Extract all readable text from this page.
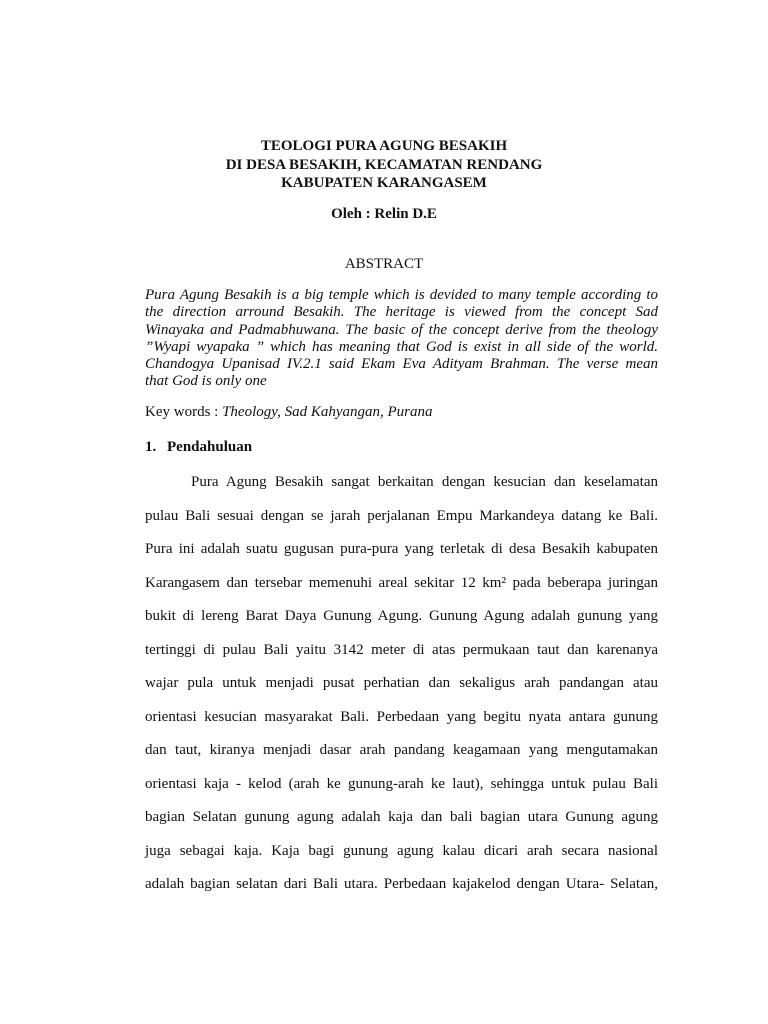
TEOLOGI PURA AGUNG BESAKIH
DI DESA BESAKIH, KECAMATAN RENDANG
KABUPATEN KARANGASEM
Oleh : Relin D.E
ABSTRACT
Pura Agung Besakih is a big temple which is devided to many temple according to
the direction arround Besakih. The heritage is viewed from the concept Sad
Winayaka and Padmabhuwana. The basic of the concept derive from the theology
”Wyapi wyapaka ” which has meaning that God is exist in all side of the world.
Chandogya Upanisad IV.2.1 said Ekam Eva Adityam Brahman. The verse mean
that God is only one
Key words : Theology, Sad Kahyangan, Purana
1. Pendahuluan
Pura Agung Besakih sangat berkaitan dengan kesucian dan keselamatan
pulau Bali sesuai dengan se jarah perjalanan Empu Markandeya datang ke Bali.
Pura ini adalah suatu gugusan pura-pura yang terletak di desa Besakih kabupaten
Karangasem dan tersebar memenuhi areal sekitar 12 km² pada beberapa juringan
bukit di lereng Barat Daya Gunung Agung. Gunung Agung adalah gunung yang
tertinggi di pulau Bali yaitu 3142 meter di atas permukaan taut dan karenanya
wajar pula untuk menjadi pusat perhatian dan sekaligus arah pandangan atau
orientasi kesucian masyarakat Bali. Perbedaan yang begitu nyata antara gunung
dan taut, kiranya menjadi dasar arah pandang keagamaan yang mengutamakan
orientasi kaja - kelod (arah ke gunung-arah ke laut), sehingga untuk pulau Bali
bagian Selatan gunung agung adalah kaja dan bali bagian utara Gunung agung
juga sebagai kaja. Kaja bagi gunung agung kalau dicari arah secara nasional
adalah bagian selatan dari Bali utara. Perbedaan kajakelod dengan Utara- Selatan,
